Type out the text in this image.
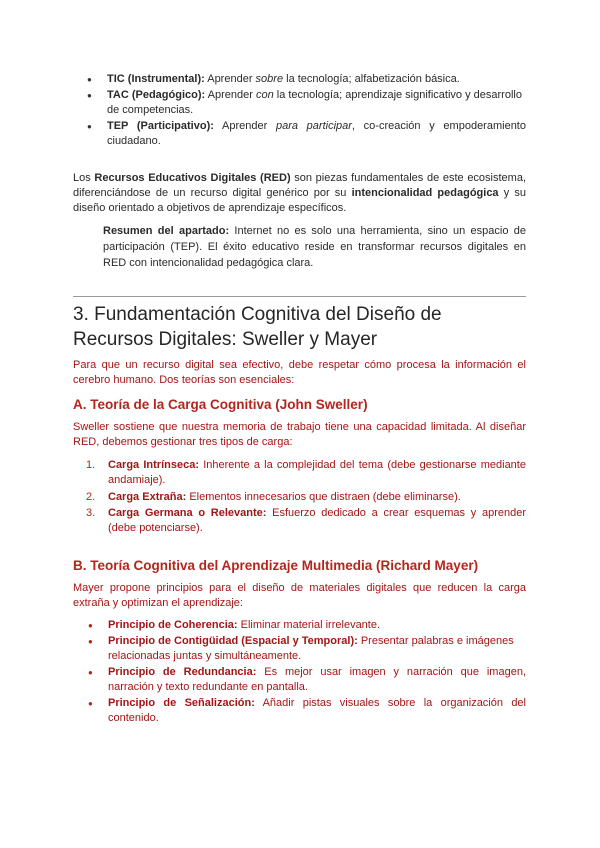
● TIC (Instrumental): Aprender sobre la tecnología; alfabetización básica.
● TAC (Pedagógico): Aprender con la tecnología; aprendizaje significativo y desarrollo de competencias.
● TEP (Participativo): Aprender para participar, co-creación y empoderamiento ciudadano.

Los Recursos Educativos Digitales (RED) son piezas fundamentales de este ecosistema, diferenciándose de un recurso digital genérico por su intencionalidad pedagógica y su diseño orientado a objetivos de aprendizaje específicos.

Resumen del apartado: Internet no es solo una herramienta, sino un espacio de participación (TEP). El éxito educativo reside en transformar recursos digitales en RED con intencionalidad pedagógica clara.

3. Fundamentación Cognitiva del Diseño de Recursos Digitales: Sweller y Mayer

Para que un recurso digital sea efectivo, debe respetar cómo procesa la información el cerebro humano. Dos teorías son esenciales:

A. Teoría de la Carga Cognitiva (John Sweller)

Sweller sostiene que nuestra memoria de trabajo tiene una capacidad limitada. Al diseñar RED, debemos gestionar tres tipos de carga:

1. Carga Intrínseca: Inherente a la complejidad del tema (debe gestionarse mediante andamiaje).
2. Carga Extraña: Elementos innecesarios que distraen (debe eliminarse).
3. Carga Germana o Relevante: Esfuerzo dedicado a crear esquemas y aprender (debe potenciarse).
B. Teoría Cognitiva del Aprendizaje Multimedia (Richard Mayer)

Mayer propone principios para el diseño de materiales digitales que reducen la carga extraña y optimizan el aprendizaje:

● Principio de Coherencia: Eliminar material irrelevante.
● Principio de Contigüidad (Espacial y Temporal): Presentar palabras e imágenes relacionadas juntas y simultáneamente.
● Principio de Redundancia: Es mejor usar imagen y narración que imagen, narración y texto redundante en pantalla.
● Principio de Señalización: Añadir pistas visuales sobre la organización del contenido.
